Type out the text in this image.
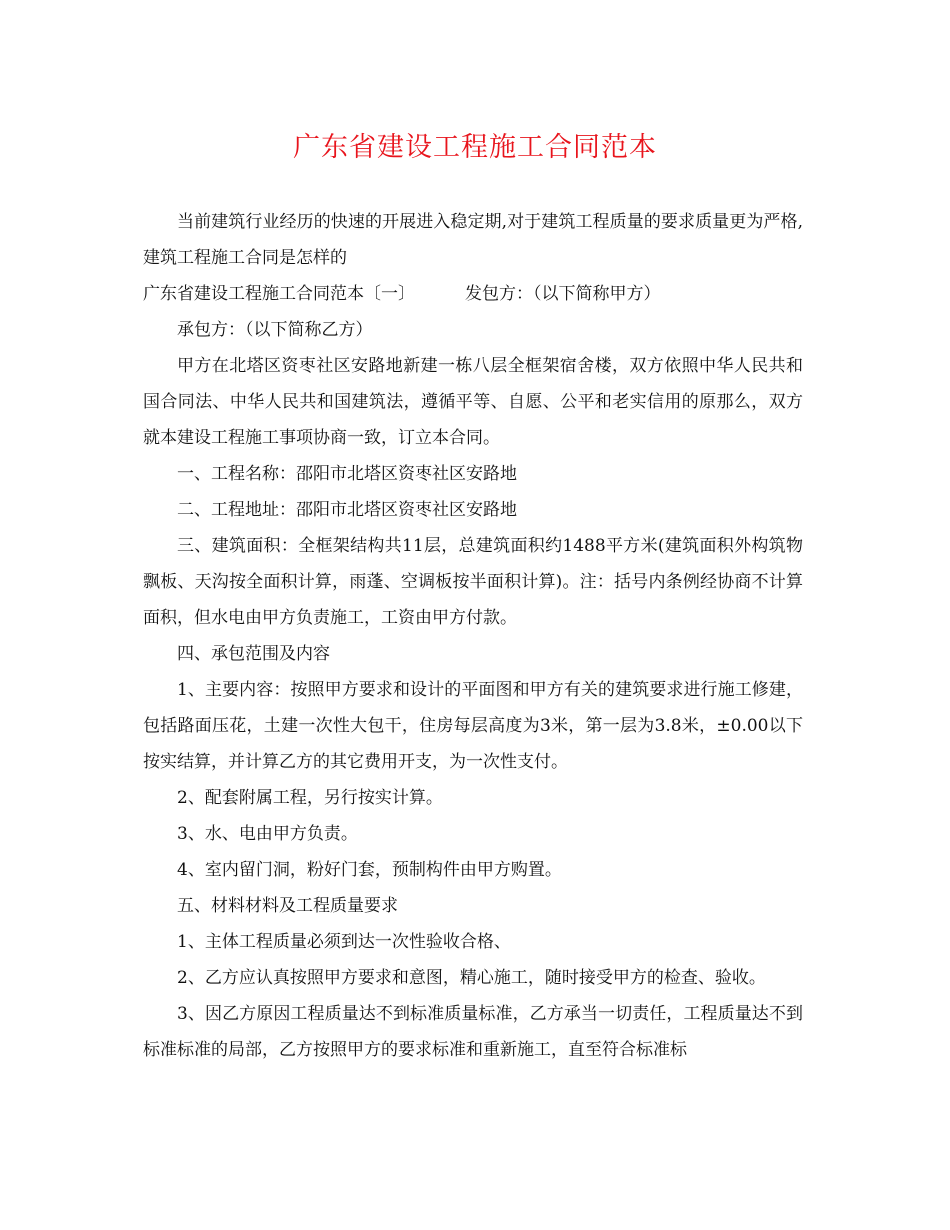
广东省建设工程施工合同范本

当前建筑行业经历的快速的开展进入稳定期,对于建筑工程质量的要求质量更为严格,建筑工程施工合同是怎样的

广东省建设工程施工合同范本〔一〕	发包方：（以下简称甲方）

承包方：（以下简称乙方）

甲方在北塔区资枣社区安路地新建一栋八层全框架宿舍楼，双方依照中华人民共和国合同法、中华人民共和国建筑法，遵循平等、自愿、公平和老实信用的原那么，双方就本建设工程施工事项协商一致，订立本合同。

一、工程名称：邵阳市北塔区资枣社区安路地

二、工程地址：邵阳市北塔区资枣社区安路地

三、建筑面积：全框架结构共11层，总建筑面积约1488平方米(建筑面积外构筑物飘板、天沟按全面积计算，雨蓬、空调板按半面积计算)。注：括号内条例经协商不计算面积，但水电由甲方负责施工，工资由甲方付款。

四、承包范围及内容

1、主要内容：按照甲方要求和设计的平面图和甲方有关的建筑要求进行施工修建，包括路面压花，土建一次性大包干，住房每层高度为3米，第一层为3.8米，±0.00以下按实结算，并计算乙方的其它费用开支，为一次性支付。

2、配套附属工程，另行按实计算。

3、水、电由甲方负责。

4、室内留门洞，粉好门套，预制构件由甲方购置。

五、材料材料及工程质量要求

1、主体工程质量必须到达一次性验收合格、

2、乙方应认真按照甲方要求和意图，精心施工，随时接受甲方的检查、验收。

3、因乙方原因工程质量达不到标准质量标准，乙方承当一切责任，工程质量达不到标准标准的局部，乙方按照甲方的要求标准和重新施工，直至符合标准标
